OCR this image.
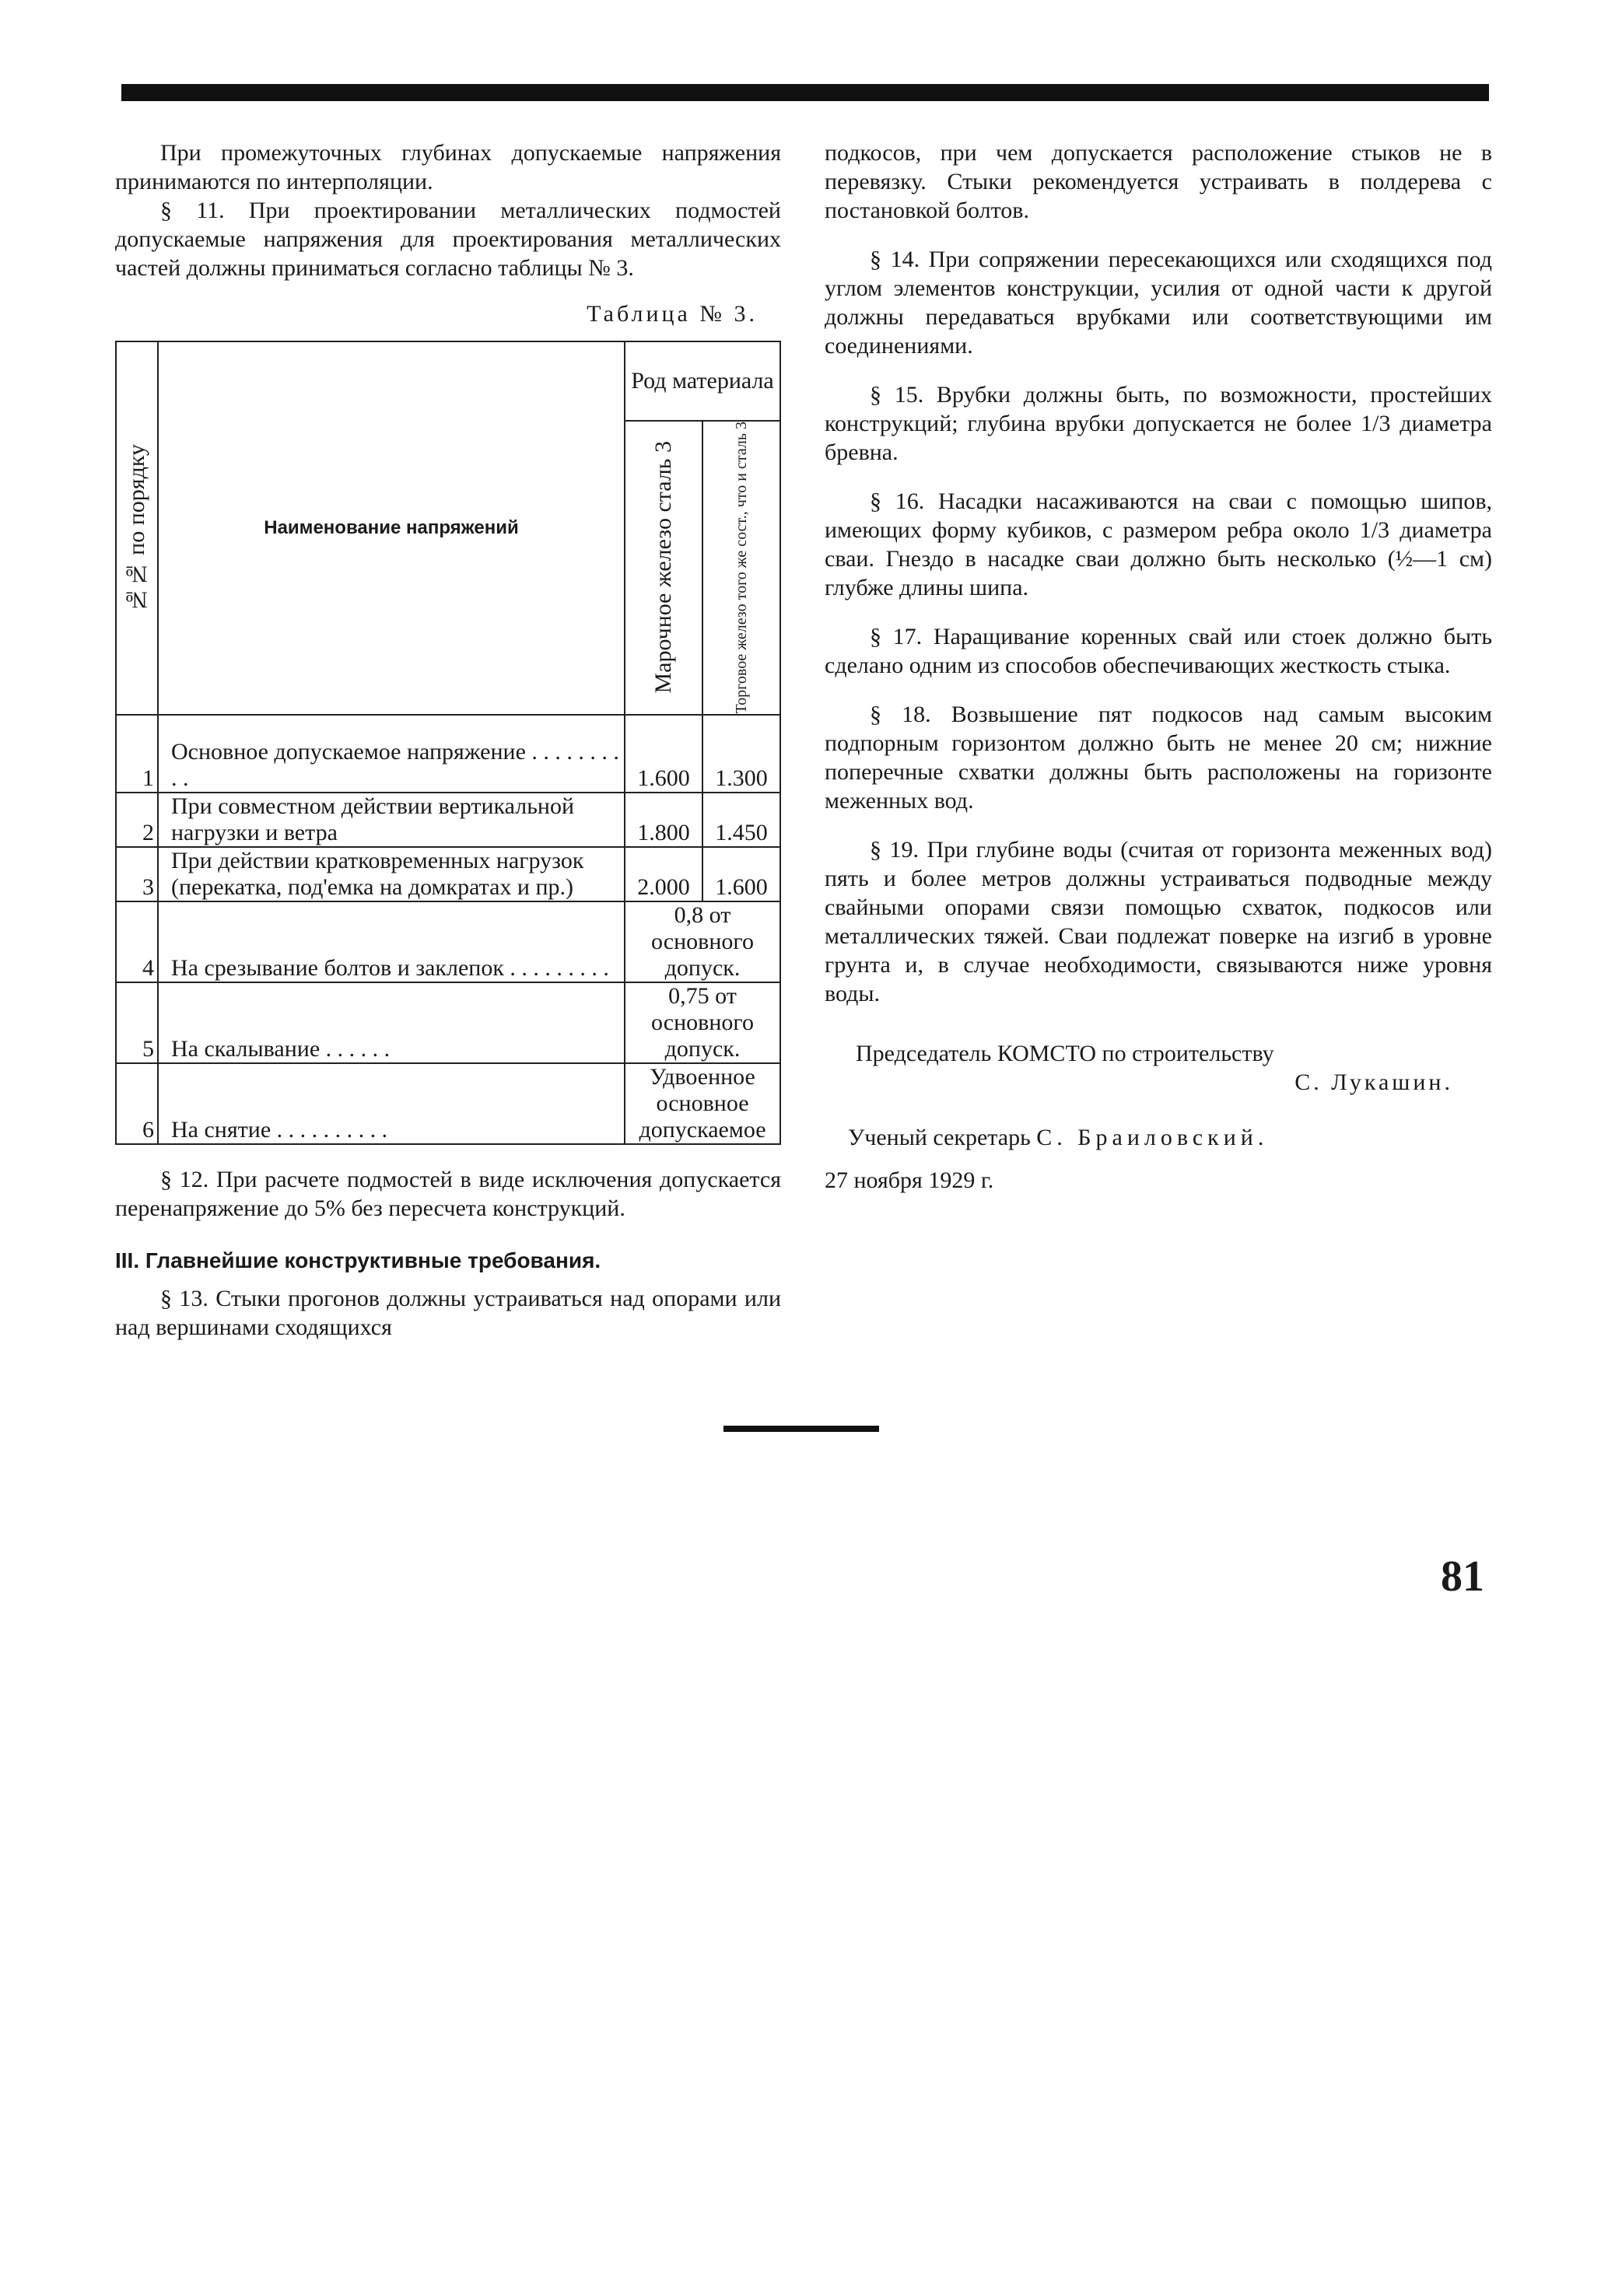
При промежуточных глубинах допускаемые напряжения принимаются по интерполяции.

§ 11. При проектировании металлических подмостей допускаемые напряжения для проектирования металлических частей должны приниматься согласно таблицы № 3.

Таблица № 3.

№№ по порядку	Наименование напряжений	Род материала	

		Марочное железо сталь 3	Торговое железо того же сост., что и сталь 3

1	Основное допускаемое напряжение . . . . . . . . . .	1.600	1.300
2	При совместном действии вертикальной нагрузки и ветра	1.800	1.450
3	При действии кратковременных нагрузок (перекатка, под'емка на домкратах и пр.)	2.000	1.600
4	На срезывание болтов и заклепок . . . . . . . . .	0,8 от основного допуск.	
5	На скалывание . . . . . .	0,75 от основного допуск.	
6	На снятие . . . . . . . . . .	Удвоенное основное допускаемое	

§ 12. При расчете подмостей в виде исключения допускается перенапряжение до 5% без пересчета конструкций.

III. Главнейшие конструктивные требования.

§ 13. Стыки прогонов должны устраиваться над опорами или над вершинами сходящихся

подкосов, при чем допускается расположение стыков не в перевязку. Стыки рекомендуется устраивать в полдерева с постановкой болтов.

§ 14. При сопряжении пересекающихся или сходящихся под углом элементов конструкции, усилия от одной части к другой должны передаваться врубками или соответствующими им соединениями.

§ 15. Врубки должны быть, по возможности, простейших конструкций; глубина врубки допускается не более 1/3 диаметра бревна.

§ 16. Насадки насаживаются на сваи с помощью шипов, имеющих форму кубиков, с размером ребра около 1/3 диаметра сваи. Гнездо в насадке сваи должно быть несколько (½—1 см) глубже длины шипа.

§ 17. Наращивание коренных свай или стоек должно быть сделано одним из способов обеспечивающих жесткость стыка.

§ 18. Возвышение пят подкосов над самым высоким подпорным горизонтом должно быть не менее 20 см; нижние поперечные схватки должны быть расположены на горизонте меженных вод.

§ 19. При глубине воды (считая от горизонта меженных вод) пять и более метров должны устраиваться подводные между свайными опорами связи помощью схваток, подкосов или металлических тяжей. Сваи подлежат поверке на изгиб в уровне грунта и, в случае необходимости, связываются ниже уровня воды.

Председатель КОМСТО по строительству

С. Лукашин.

Ученый секретарь С. Браиловский.

27 ноября 1929 г.

81
